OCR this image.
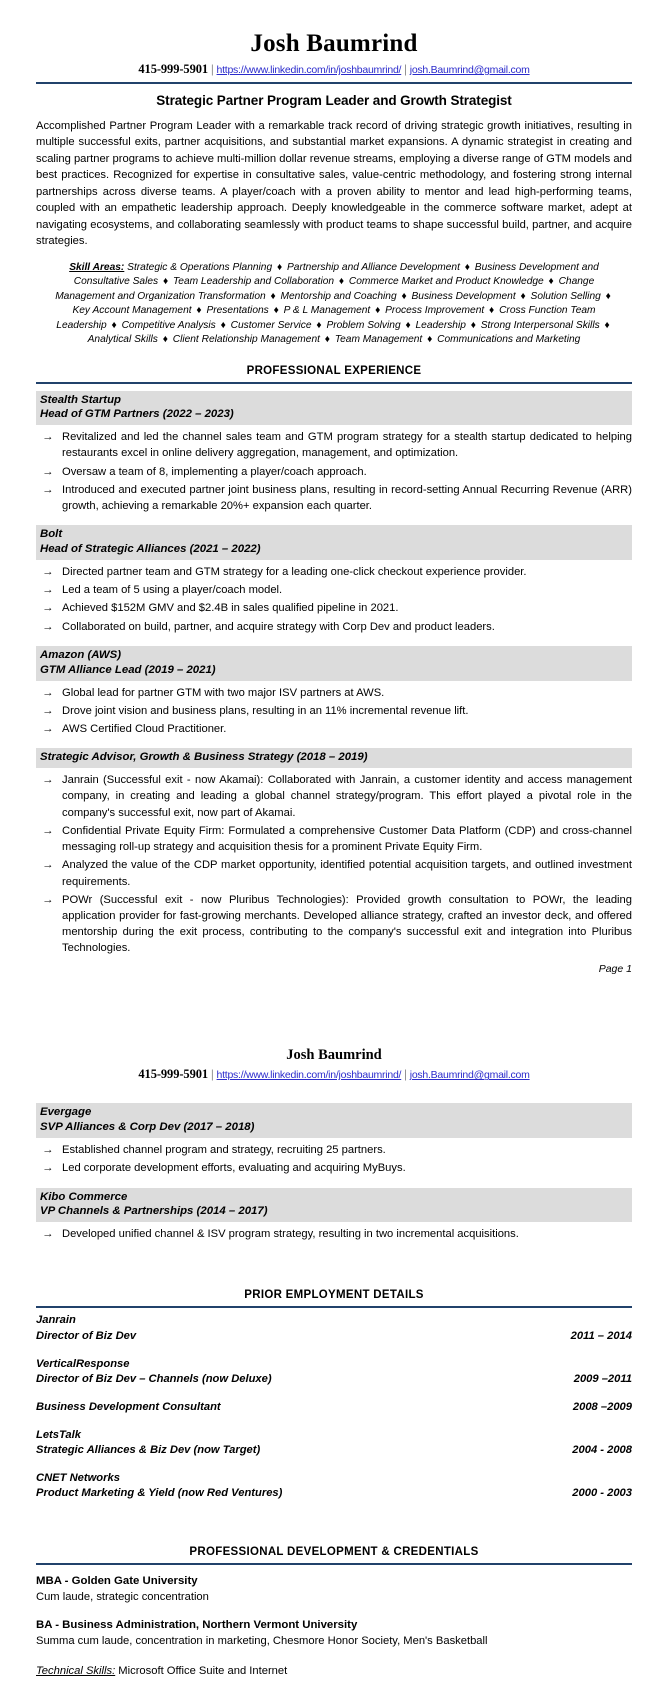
Josh Baumrind
415-999-5901 | https://www.linkedin.com/in/joshbaumrind/ | josh.Baumrind@gmail.com
Strategic Partner Program Leader and Growth Strategist

Accomplished Partner Program Leader with a remarkable track record of driving strategic growth initiatives, resulting in multiple successful exits, partner acquisitions, and substantial market expansions. A dynamic strategist in creating and scaling partner programs to achieve multi-million dollar revenue streams, employing a diverse range of GTM models and best practices. Recognized for expertise in consultative sales, value-centric methodology, and fostering strong internal partnerships across diverse teams. A player/coach with a proven ability to mentor and lead high-performing teams, coupled with an empathetic leadership approach. Deeply knowledgeable in the commerce software market, adept at navigating ecosystems, and collaborating seamlessly with product teams to shape successful build, partner, and acquire strategies.

Skill Areas: Strategic & Operations Planning ♦ Partnership and Alliance Development ♦ Business Development and Consultative Sales ♦ Team Leadership and Collaboration ♦ Commerce Market and Product Knowledge ♦ Change Management and Organization Transformation ♦ Mentorship and Coaching ♦ Business Development ♦ Solution Selling ♦ Key Account Management ♦ Presentations ♦ P & L Management ♦ Process Improvement ♦ Cross Function Team Leadership ♦ Competitive Analysis ♦ Customer Service ♦ Problem Solving ♦ Leadership ♦ Strong Interpersonal Skills ♦ Analytical Skills ♦ Client Relationship Management ♦ Team Management ♦ Communications and Marketing
PROFESSIONAL EXPERIENCE
Stealth Startup
Head of GTM Partners (2022 – 2023)
→ Revitalized and led the channel sales team and GTM program strategy for a stealth startup dedicated to helping restaurants excel in online delivery aggregation, management, and optimization.
→ Oversaw a team of 8, implementing a player/coach approach.
→ Introduced and executed partner joint business plans, resulting in record-setting Annual Recurring Revenue (ARR) growth, achieving a remarkable 20%+ expansion each quarter.
Bolt
Head of Strategic Alliances (2021 – 2022)
→ Directed partner team and GTM strategy for a leading one-click checkout experience provider.
→ Led a team of 5 using a player/coach model.
→ Achieved $152M GMV and $2.4B in sales qualified pipeline in 2021.
→ Collaborated on build, partner, and acquire strategy with Corp Dev and product leaders.
Amazon (AWS)
GTM Alliance Lead (2019 – 2021)
→ Global lead for partner GTM with two major ISV partners at AWS.
→ Drove joint vision and business plans, resulting in an 11% incremental revenue lift.
→ AWS Certified Cloud Practitioner.
Strategic Advisor, Growth & Business Strategy (2018 – 2019)
→ Janrain (Successful exit - now Akamai): Collaborated with Janrain, a customer identity and access management company, in creating and leading a global channel strategy/program. This effort played a pivotal role in the company's successful exit, now part of Akamai.
→ Confidential Private Equity Firm: Formulated a comprehensive Customer Data Platform (CDP) and cross-channel messaging roll-up strategy and acquisition thesis for a prominent Private Equity Firm.
→ Analyzed the value of the CDP market opportunity, identified potential acquisition targets, and outlined investment requirements.
→ POWr (Successful exit - now Pluribus Technologies): Provided growth consultation to POWr, the leading application provider for fast-growing merchants. Developed alliance strategy, crafted an investor deck, and offered mentorship during the exit process, contributing to the company's successful exit and integration into Pluribus Technologies.
Page 1
Josh Baumrind
415-999-5901 | https://www.linkedin.com/in/joshbaumrind/ | josh.Baumrind@gmail.com
Evergage
SVP Alliances & Corp Dev (2017 – 2018)
→ Established channel program and strategy, recruiting 25 partners.
→ Led corporate development efforts, evaluating and acquiring MyBuys.
Kibo Commerce
VP Channels & Partnerships (2014 – 2017)
→ Developed unified channel & ISV program strategy, resulting in two incremental acquisitions.
PRIOR EMPLOYMENT DETAILS
Janrain
Director of Biz Dev	2011 – 2014
VerticalResponse
Director of Biz Dev – Channels (now Deluxe)	2009 –2011
Business Development Consultant	2008 –2009
LetsTalk
Strategic Alliances & Biz Dev (now Target)	2004 - 2008
CNET Networks
Product Marketing & Yield (now Red Ventures)	2000 - 2003
PROFESSIONAL DEVELOPMENT & CREDENTIALS
MBA - Golden Gate University
Cum laude, strategic concentration
BA - Business Administration, Northern Vermont University
Summa cum laude, concentration in marketing, Chesmore Honor Society, Men's Basketball
Technical Skills: Microsoft Office Suite and Internet
